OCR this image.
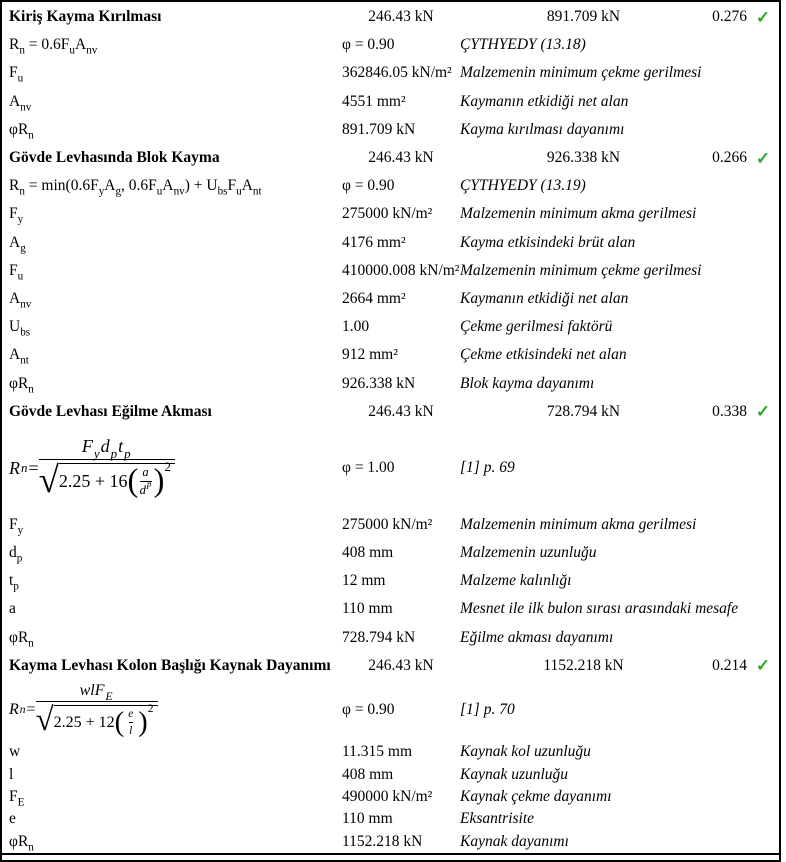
Kiriş Kayma Kırılması	246.43 kN	891.709 kN	0.276 ✓
$R_n = 0.6F_uA_{nv}$	φ = 0.90	ÇYTHYEDY (13.18)
$F_u$	362846.05 kN/m² Malzemenin minimum çekme gerilmesi
$A_{nv}$	4551 mm²	Kaymanın etkidiği net alan
$\varphi R_n$	891.709 kN	Kayma kırılması dayanımı
Gövde Levhasında Blok Kayma	246.43 kN	926.338 kN	0.266 ✓
$R_n = \min(0.6F_yA_g$, $0.6F_uA_{nv}) + U_{bs}F_uA_{nt}$	φ = 0.90	ÇYTHYEDY (13.19)
$F_y$	275000 kN/m²	Malzemenin minimum akma gerilmesi
$A_g$	4176 mm²	Kayma etkisindeki brüt alan
$F_u$	410000.008 kN/m² Malzemenin minimum çekme gerilmesi
$A_{nv}$	2664 mm²	Kaymanın etkidiği net alan
$U_{bs}$	1.00	Çekme gerilmesi faktörü
$A_{nt}$	912 mm²	Çekme etkisindeki net alan
$\varphi R_n$	926.338 kN	Blok kayma dayanımı
Gövde Levhası Eğilme Akması	246.43 kN	728.794 kN	0.338 ✓
R $n = \frac{F_yd_pt_p}{√ 2.25 + 16 ( \frac{a}{\text{d p}} ) 2}$	φ = 1.00	[1] p. 69
$F_y$	275000 kN/m²	Malzemenin minimum akma gerilmesi
$d_p$	408 mm	Malzemenin uzunluğu
$t_p$	12 mm	Malzeme kalınlığı
a	110 mm	Mesnet ile ilk bulon sırası arasındaki mesafe
$\varphi R_n$	728.794 kN	Eğilme akması dayanımı
Kayma Levhası Kolon Başlığı Kaynak Dayanımı	246.43 kN	1152.218 kN	0.214 ✓
R $n = \frac{wlF_E}{√ 2.25 + 12 ( \frac{e}{l} ) 2}$	φ = 0.90	[1] p. 70
w	11.315 mm	Kaynak kol uzunluğu
l	408 mm	Kaynak uzunluğu
$F_E$	490000 kN/m²	Kaynak çekme dayanımı
e	110 mm	Eksantrisite
$\varphi R_n$	1152.218 kN	Kaynak dayanımı
